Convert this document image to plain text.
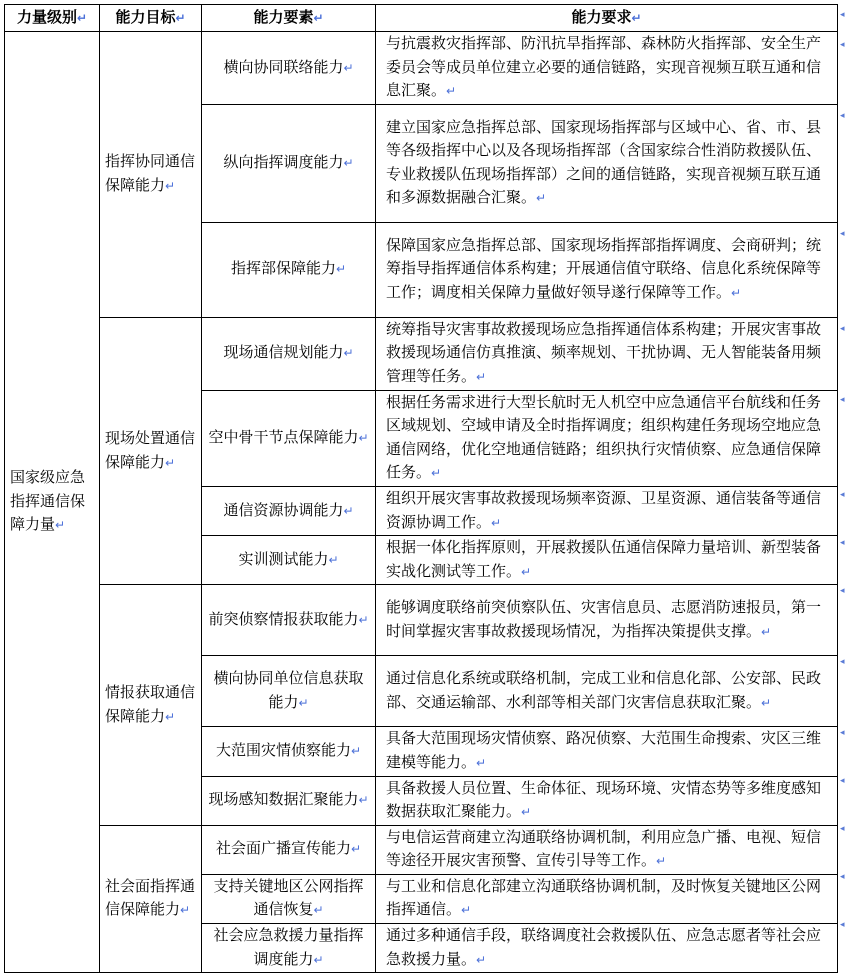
力量级别↵	能力目标↵	能力要素↵	能力要求↵
国家级应急指挥通信保障力量↵	指挥协同通信保障能力↵	横向协同联络能力↵	与抗震救灾指挥部、防汛抗旱指挥部、森林防火指挥部、安全生产委员会等成员单位建立必要的通信链路，实现音视频互联互通和信息汇聚。↵
		纵向指挥调度能力↵	建立国家应急指挥总部、国家现场指挥部与区域中心、省、市、县等各级指挥中心以及各现场指挥部（含国家综合性消防救援队伍、专业救援队伍现场指挥部）之间的通信链路，实现音视频互联互通和多源数据融合汇聚。↵
		指挥部保障能力↵	保障国家应急指挥总部、国家现场指挥部指挥调度、会商研判；统筹指导指挥通信体系构建；开展通信值守联络、信息化系统保障等工作；调度相关保障力量做好领导遂行保障等工作。↵
	现场处置通信保障能力↵	现场通信规划能力↵	统筹指导灾害事故救援现场应急指挥通信体系构建；开展灾害事故救援现场通信仿真推演、频率规划、干扰协调、无人智能装备用频管理等任务。↵
		空中骨干节点保障能力↵	根据任务需求进行大型长航时无人机空中应急通信平台航线和任务区域规划、空域申请及全时指挥调度；组织构建任务现场空地应急通信网络，优化空地通信链路；组织执行灾情侦察、应急通信保障任务。↵
		通信资源协调能力↵	组织开展灾害事故救援现场频率资源、卫星资源、通信装备等通信资源协调工作。↵
		实训测试能力↵	根据一体化指挥原则，开展救援队伍通信保障力量培训、新型装备实战化测试等工作。↵
	情报获取通信保障能力↵	前突侦察情报获取能力↵	能够调度联络前突侦察队伍、灾害信息员、志愿消防速报员，第一时间掌握灾害事故救援现场情况，为指挥决策提供支撑。↵
		横向协同单位信息获取能力↵	通过信息化系统或联络机制，完成工业和信息化部、公安部、民政部、交通运输部、水利部等相关部门灾害信息获取汇聚。↵
		大范围灾情侦察能力↵	具备大范围现场灾情侦察、路况侦察、大范围生命搜索、灾区三维建模等能力。↵
		现场感知数据汇聚能力↵	具备救援人员位置、生命体征、现场环境、灾情态势等多维度感知数据获取汇聚能力。↵
	社会面指挥通信保障能力↵	社会面广播宣传能力↵	与电信运营商建立沟通联络协调机制，利用应急广播、电视、短信等途径开展灾害预警、宣传引导等工作。↵
		支持关键地区公网指挥通信恢复↵	与工业和信息化部建立沟通联络协调机制，及时恢复关键地区公网指挥通信。↵
		社会应急救援力量指挥调度能力↵	通过多种通信手段，联络调度社会救援队伍、应急志愿者等社会应急救援力量。↵
◂
◂
◂
◂
◂
◂
◂
◂
◂
◂
◂
◂
◂
◂
◂
